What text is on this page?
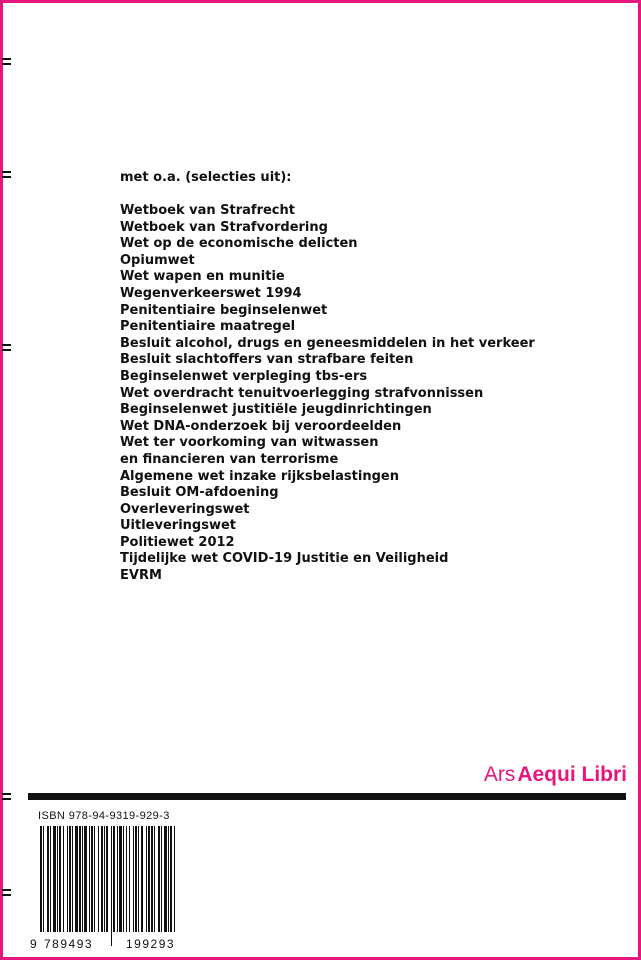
met o.a. (selecties uit):

Wetboek van Strafrecht
Wetboek van Strafvordering
Wet op de economische delicten
Opiumwet
Wet wapen en munitie
Wegenverkeerswet 1994
Penitentiaire beginselenwet
Penitentiaire maatregel
Besluit alcohol, drugs en geneesmiddelen in het verkeer
Besluit slachtoffers van strafbare feiten
Beginselenwet verpleging tbs-ers
Wet overdracht tenuitvoerlegging strafvonnissen
Beginselenwet justitiële jeugdinrichtingen
Wet DNA-onderzoek bij veroordeelden
Wet ter voorkoming van witwassen
en financieren van terrorisme
Algemene wet inzake rijksbelastingen
Besluit OM-afdoening
Overleveringswet
Uitleveringswet
Politiewet 2012
Tijdelijke wet COVID-19 Justitie en Veiligheid
EVRM
ArsAequi Libri
ISBN 978-94-9319-929-3
9 789493	199293
